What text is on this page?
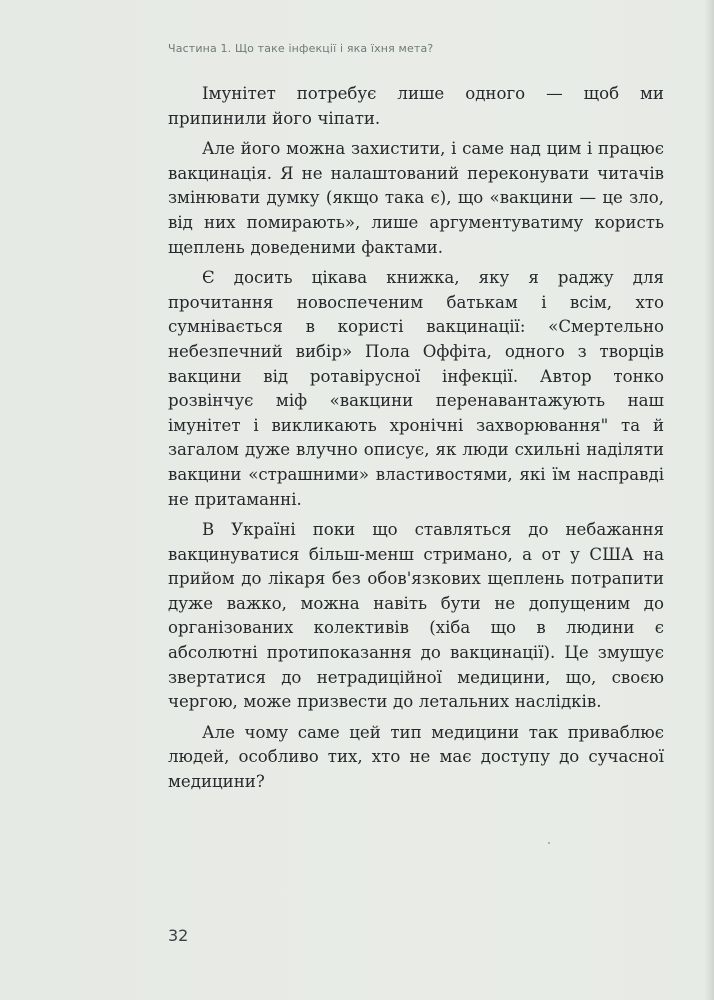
Частина 1. Що таке інфекції і яка їхня мета?

Імунітет потребує лише одного — щоб ми припинили його чіпати.

Але його можна захистити, і саме над цим і працює вакцинація. Я не налаштований переконувати читачів змінювати думку (якщо така є), що «вакцини — це зло, від них помирають», лише аргументуватиму користь щеплень доведеними фактами.

Є досить цікава книжка, яку я раджу для прочитання новоспеченим батькам і всім, хто сумнівається в користі вакцинації: «Смертельно небезпечний вибір» Пола Оффіта, одного з творців вакцини від ротавірусної інфекції. Автор тонко розвінчує міф «вакцини перенавантажують наш імунітет і викликають хронічні захворювання" та й загалом дуже влучно описує, як люди схильні наділяти вакцини «страшними» властивостями, які їм насправді не притаманні.

В Україні поки що ставляться до небажання вакцинуватися більш-менш стримано, а от у США на прийом до лікаря без обов'язкових щеплень потрапити дуже важко, можна навіть бути не допущеним до організованих колективів (хіба що в людини є абсолютні протипоказання до вакцинації). Це змушує звертатися до нетрадиційної медицини, що, своєю чергою, може призвести до летальних наслідків.

Але чому саме цей тип медицини так приваблює людей, особливо тих, хто не має доступу до сучасної медицини?

32
